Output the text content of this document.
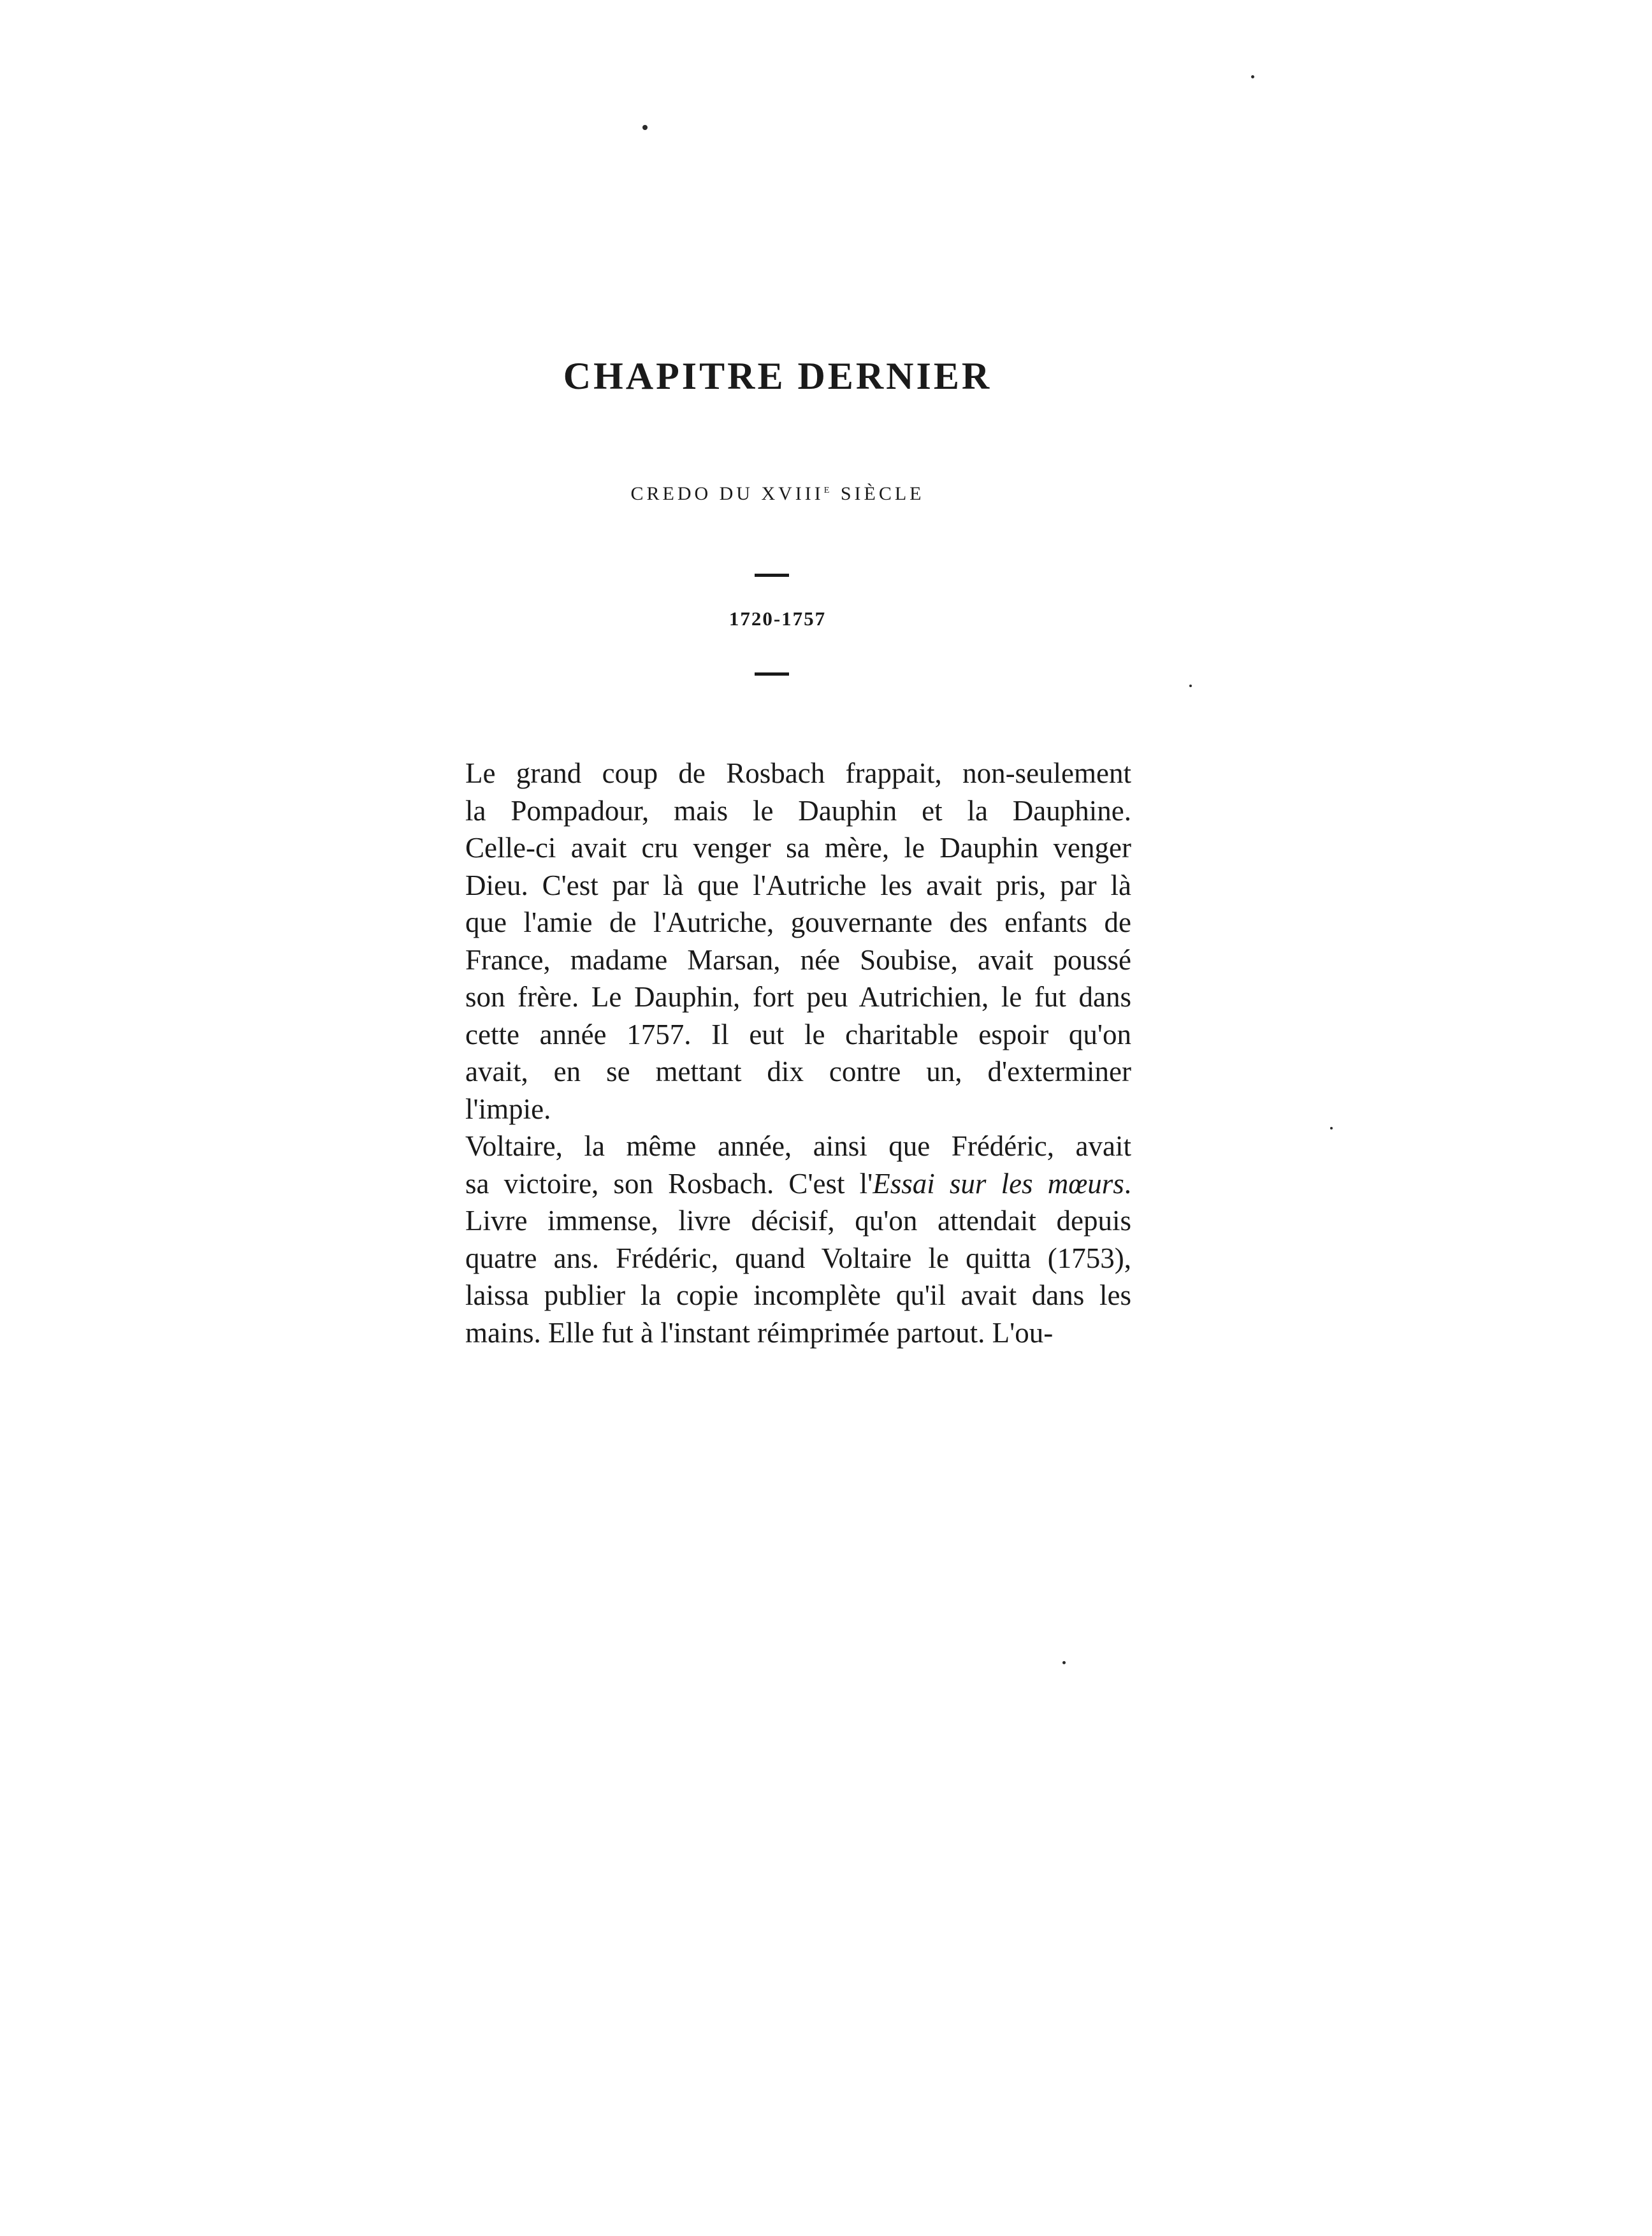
CHAPITRE DERNIER
CREDO DU XVIIIe SIÈCLE
1720-1757

Le grand coup de Rosbach frappait, non-seulement
la Pompadour, mais le Dauphin et la Dauphine.
Celle-ci avait cru venger sa mère, le Dauphin venger
Dieu. C'est par là que l'Autriche les avait pris, par là
que l'amie de l'Autriche, gouvernante des enfants de
France, madame Marsan, née Soubise, avait poussé
son frère. Le Dauphin, fort peu Autrichien, le fut dans
cette année 1757. Il eut le charitable espoir qu'on
avait, en se mettant dix contre un, d'exterminer
l'impie.

Voltaire, la même année, ainsi que Frédéric, avait
sa victoire, son Rosbach. C'est l'Essai sur les mœurs.
Livre immense, livre décisif, qu'on attendait depuis
quatre ans. Frédéric, quand Voltaire le quitta (1753),
laissa publier la copie incomplète qu'il avait dans les
mains. Elle fut à l'instant réimprimée partout. L'ou-
